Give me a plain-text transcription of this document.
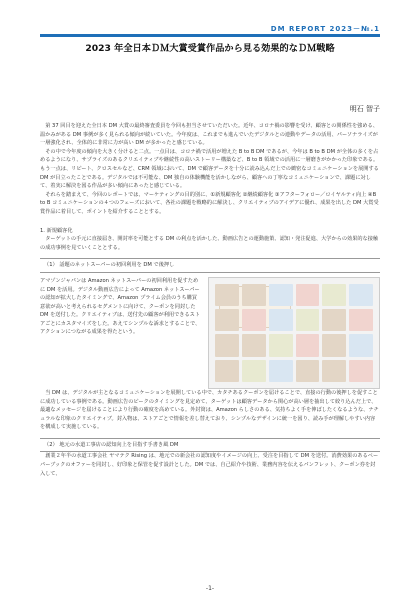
DM REPORT 2023－№.1
2023 年全日本ＤＭ大賞受賞作品から見る効果的なＤＭ戦略
明石 智子

第 37 回目を迎えた全日本 DM 大賞の最終審査委員を今回も担当させていただいた。近年、コロナ禍の影響を受け、顧客との関係性を強める、温かみがある DM 事例が多く見られる傾向が続いていた。今年度は、これまでも進んでいたデジタルとの連動やデータの活用、パーソナライズが一層強化され、全体的に非常に力が高い DM が多かったと感じている。

その中で今年度の傾向を大きく分けると二点。一点目は、コロナ禍で活用が増えた B to B DM であるが、今年は B to B DM が全体の多くを占めるようになり、サプライズのあるクリエイティブや継続性の高いストーリー構築など、B to B 領域での活用に一層磨きがかかった印象である。もう一点は、リピート、クロスセルなど、CRM 領域において、DM で顧客データを十分に読み込んだ上での緻密なコミュニケーションを展開する DM が目立ったことである。デジタルでは不可能な、DM 独自の体験機能を活かしながら、顧客への丁寧なコミュニケーションで、課題に対して、着実に解決を図る作品が多い傾向にあったと感じている。

それらを踏まえて、今回のレポートでは、マーケティングの目的別に、①新規顧客化 ②継続顧客化 ③アフターフォロー／ロイヤルティ向上 ④B to B コミュニケーションの４つのフェーズにおいて、各社の課題を戦略的に解決し、クリエイティブのアイデアに優れ、成果を出した DM 大賞受賞作品に着目して、ポイントを紹介することとする。

1. 新規顧客化

ターゲットの手元に直接届き、開封率を可能とする DM の利点を活かした、動画広告との運動施策、認知・発注促進、大学からの効果的な接触の成功事例を見ていくこととする。

（1） 話題のネットスーパーの初回利用を DM で後押し
アマゾンジャパンは Amazon ネットスーパーの初回利用を促すために DM を活用。デジタル動画広告によって Amazon ネットスーパーの認知が拡大したタイミングで、Amazon プライム会員のうち購買意欲が高いと考えられるセグメントに向けて、クーポンを同封した DM を送付した。クリエイティブは、送付先の顧客が利用できるストアごとにカスタマイズをした。あえてシンプルな訴求とすることで、アクションにつながる成果を得たという。

当 DM は、デジタルが主となるコミュニケーションを展開している中で、カタチあるクーポンを届けることで、直接の行動の後押しを促すことに成功している事例である。動画広告のピークのタイミングを見定めて、ターゲットは顧客データから関心が高い層を抽出して絞り込んだ上で、最適なメッセージを届けることにより行動の確度を高めている。外封筒は、Amazon らしさのある、気持ちよく手を伸ばしたくなるような、ナチュラルな印象のクリエイティブ。封入物は、ストアごとで情報を差し替えており、シンプルなデザインに統一を図り、読み手が理解しやすい内容を構成して実施している。

（2） 地元の水道工事店の認知向上を目指す手書き風 DM

創業２年半の水道工事会社 ヤマテク Rising は、地元での新会社の認知度やイメージの向上、受注を目指して DM を送付。消費効果のあるペーパーブックのオファーを同封し、好印象と保管を促す設計とした。DM では、自己紹介や技術、業務内容を伝えるパンフレット、クーポン券を封入して、

-1-
